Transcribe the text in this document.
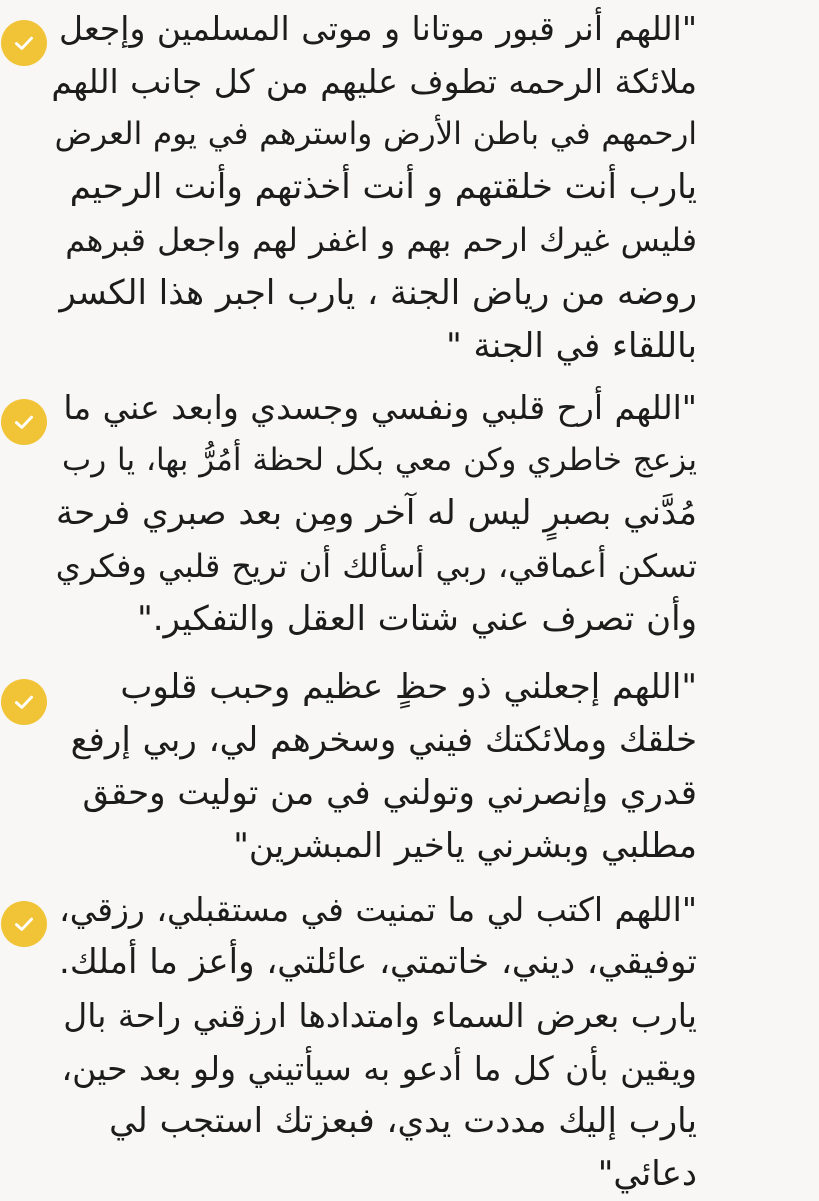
"اللهم أنر قبور موتانا و موتى المسلمين وإجعل
ملائكة الرحمه تطوف عليهم من كل جانب اللهم
ارحمهم في باطن الأرض واسترهم في يوم العرض
يارب أنت خلقتهم و أنت أخذتهم وأنت الرحيم
فليس غيرك ارحم بهم و اغفر لهم واجعل قبرهم
روضه من رياض الجنة ، يارب اجبر هذا الكسر
باللقاء في الجنة "

"اللهم أرح قلبي ونفسي وجسدي وابعد عني ما
يزعج خاطري وكن معي بكل لحظة أمُرُّ بها، يا رب
مُدَّني بصبرٍ ليس له آخر ومِن بعد صبري فرحة
تسكن أعماقي، ربي أسألك أن تريح قلبي وفكري
وأن تصرف عني شتات العقل والتفكير."

"اللهم إجعلني ذو حظٍ عظيم وحبب قلوب
خلقك وملائكتك فيني وسخرهم لي، ربي إرفع
قدري وإنصرني وتولني في من توليت وحقق
مطلبي وبشرني ياخير المبشرين"

"اللهم اكتب لي ما تمنيت في مستقبلي، رزقي،
توفيقي، ديني، خاتمتي، عائلتي، وأعز ما أملك.
يارب بعرض السماء وامتدادها ارزقني راحة بال
ويقين بأن كل ما أدعو به سيأتيني ولو بعد حين،
يارب إليك مددت يدي، فبعزتك استجب لي
دعائي"
